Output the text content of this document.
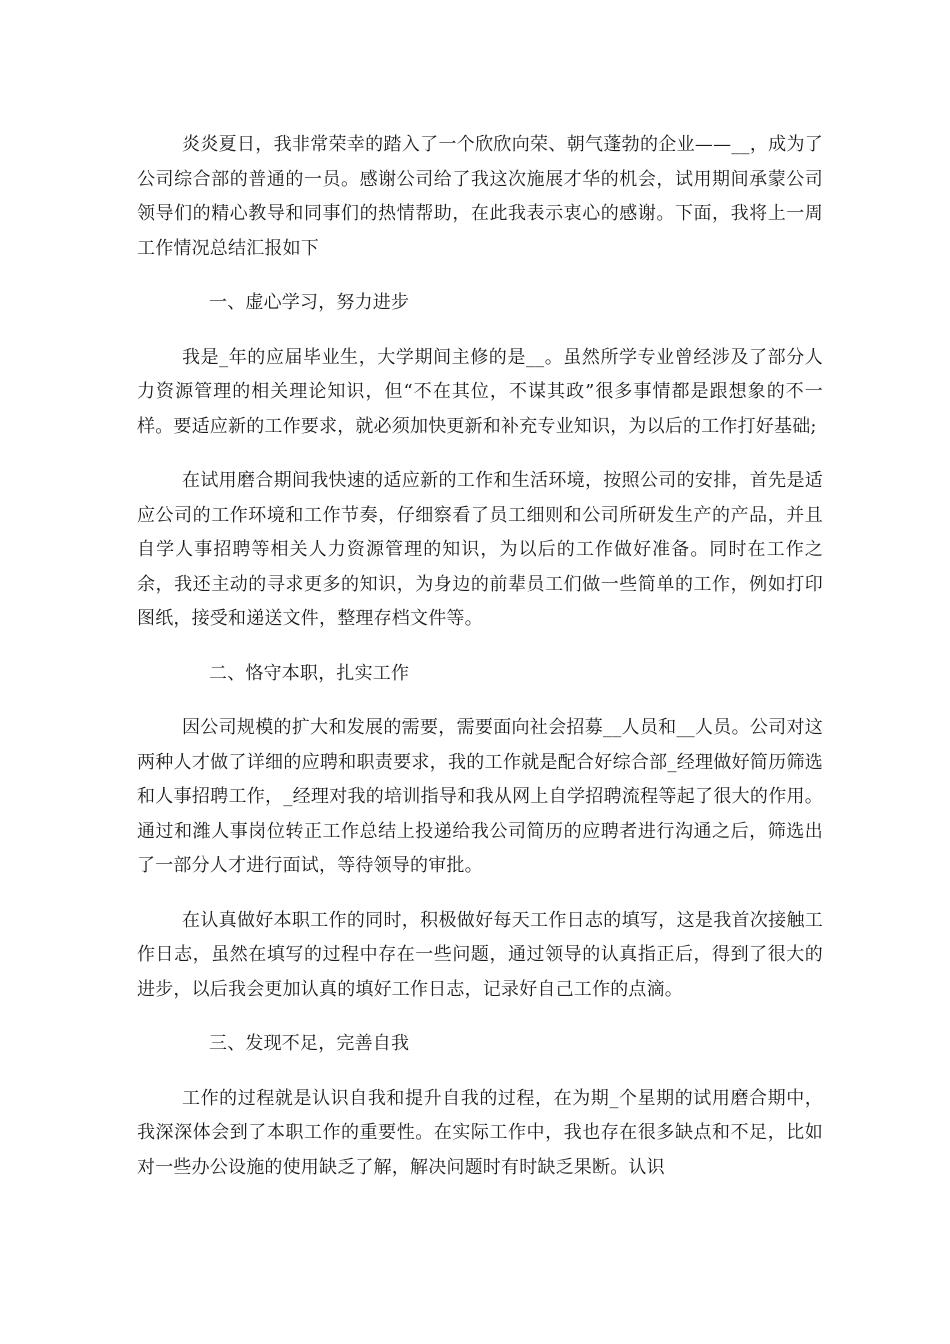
炎炎夏日，我非常荣幸的踏入了一个欣欣向荣、朝气蓬勃的企业——__，成为了公司综合部的普通的一员。感谢公司给了我这次施展才华的机会，试用期间承蒙公司领导们的精心教导和同事们的热情帮助，在此我表示衷心的感谢。下面，我将上一周工作情况总结汇报如下

一、虚心学习，努力进步

我是_年的应届毕业生，大学期间主修的是__。虽然所学专业曾经涉及了部分人力资源管理的相关理论知识，但“不在其位，不谋其政”很多事情都是跟想象的不一样。要适应新的工作要求，就必须加快更新和补充专业知识，为以后的工作打好基础;

在试用磨合期间我快速的适应新的工作和生活环境，按照公司的安排，首先是适应公司的工作环境和工作节奏，仔细察看了员工细则和公司所研发生产的产品，并且自学人事招聘等相关人力资源管理的知识，为以后的工作做好准备。同时在工作之余，我还主动的寻求更多的知识，为身边的前辈员工们做一些简单的工作，例如打印图纸，接受和递送文件，整理存档文件等。

二、恪守本职，扎实工作

因公司规模的扩大和发展的需要，需要面向社会招募__人员和__人员。公司对这两种人才做了详细的应聘和职责要求，我的工作就是配合好综合部_经理做好简历筛选和人事招聘工作，_经理对我的培训指导和我从网上自学招聘流程等起了很大的作用。通过和潍人事岗位转正工作总结上投递给我公司简历的应聘者进行沟通之后，筛选出了一部分人才进行面试，等待领导的审批。

在认真做好本职工作的同时，积极做好每天工作日志的填写，这是我首次接触工作日志，虽然在填写的过程中存在一些问题，通过领导的认真指正后，得到了很大的进步，以后我会更加认真的填好工作日志，记录好自己工作的点滴。

三、发现不足，完善自我

工作的过程就是认识自我和提升自我的过程，在为期_个星期的试用磨合期中，我深深体会到了本职工作的重要性。在实际工作中，我也存在很多缺点和不足，比如对一些办公设施的使用缺乏了解，解决问题时有时缺乏果断。认识
